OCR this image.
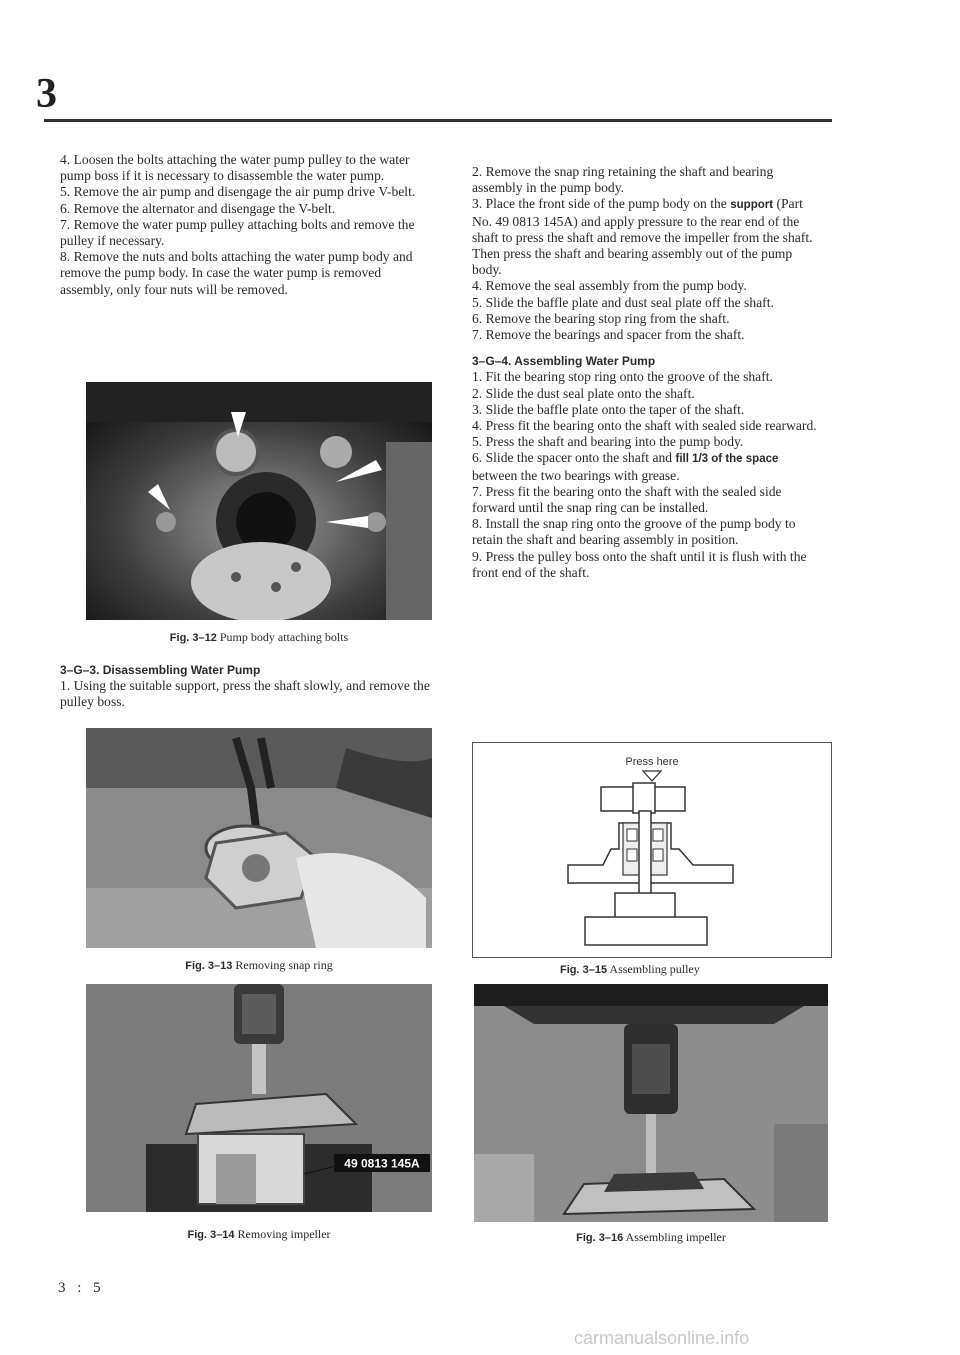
3

4. Loosen the bolts attaching the water pump pulley to the water pump boss if it is necessary to disassemble the water pump.

5. Remove the air pump and disengage the air pump drive V-belt.

6. Remove the alternator and disengage the V-belt.

7. Remove the water pump pulley attaching bolts and remove the pulley if necessary.

8. Remove the nuts and bolts attaching the water pump body and remove the pump body. In case the water pump is removed assembly, only four nuts will be removed.

Fig. 3–12 Pump body attaching bolts

3–G–3. Disassembling Water Pump

1. Using the suitable support, press the shaft slowly, and remove the pulley boss.

Fig. 3–13 Removing snap ring
49 0813 145A
Fig. 3–14 Removing impeller

2. Remove the snap ring retaining the shaft and bearing assembly in the pump body.

3. Place the front side of the pump body on the support (Part No. 49 0813 145A) and apply pressure to the rear end of the shaft to press the shaft and remove the impeller from the shaft.

Then press the shaft and bearing assembly out of the pump body.

4. Remove the seal assembly from the pump body.

5. Slide the baffle plate and dust seal plate off the shaft.

6. Remove the bearing stop ring from the shaft.

7. Remove the bearings and spacer from the shaft.

3–G–4. Assembling Water Pump

1. Fit the bearing stop ring onto the groove of the shaft.

2. Slide the dust seal plate onto the shaft.

3. Slide the baffle plate onto the taper of the shaft.

4. Press fit the bearing onto the shaft with sealed side rearward.

5. Press the shaft and bearing into the pump body.

6. Slide the spacer onto the shaft and fill 1/3 of the space between the two bearings with grease.

7. Press fit the bearing onto the shaft with the sealed side forward until the snap ring can be installed.

8. Install the snap ring onto the groove of the pump body to retain the shaft and bearing assembly in position.

9. Press the pulley boss onto the shaft until it is flush with the front end of the shaft.

Press here
Fig. 3–15 Assembling pulley
Fig. 3–16 Assembling impeller
3 : 5
carmanualsonline.info
